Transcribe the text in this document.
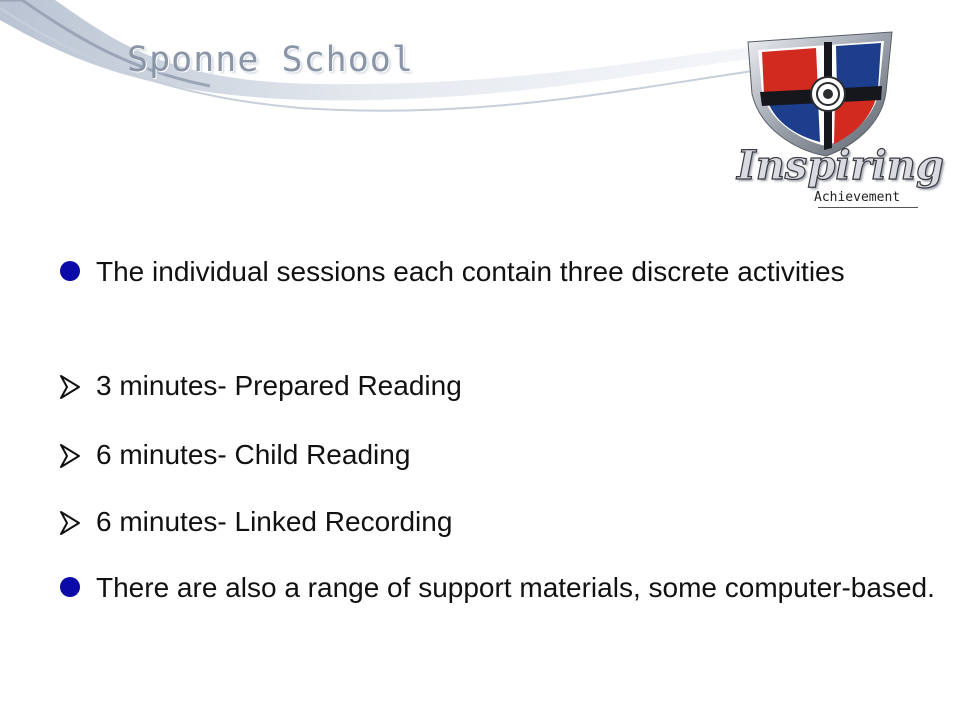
Sponne School

Inspiring

Achievement

The individual sessions each contain three discrete activities

3 minutes- Prepared Reading

6 minutes- Child Reading

6 minutes- Linked Recording

There are also a range of support materials, some computer-based.
